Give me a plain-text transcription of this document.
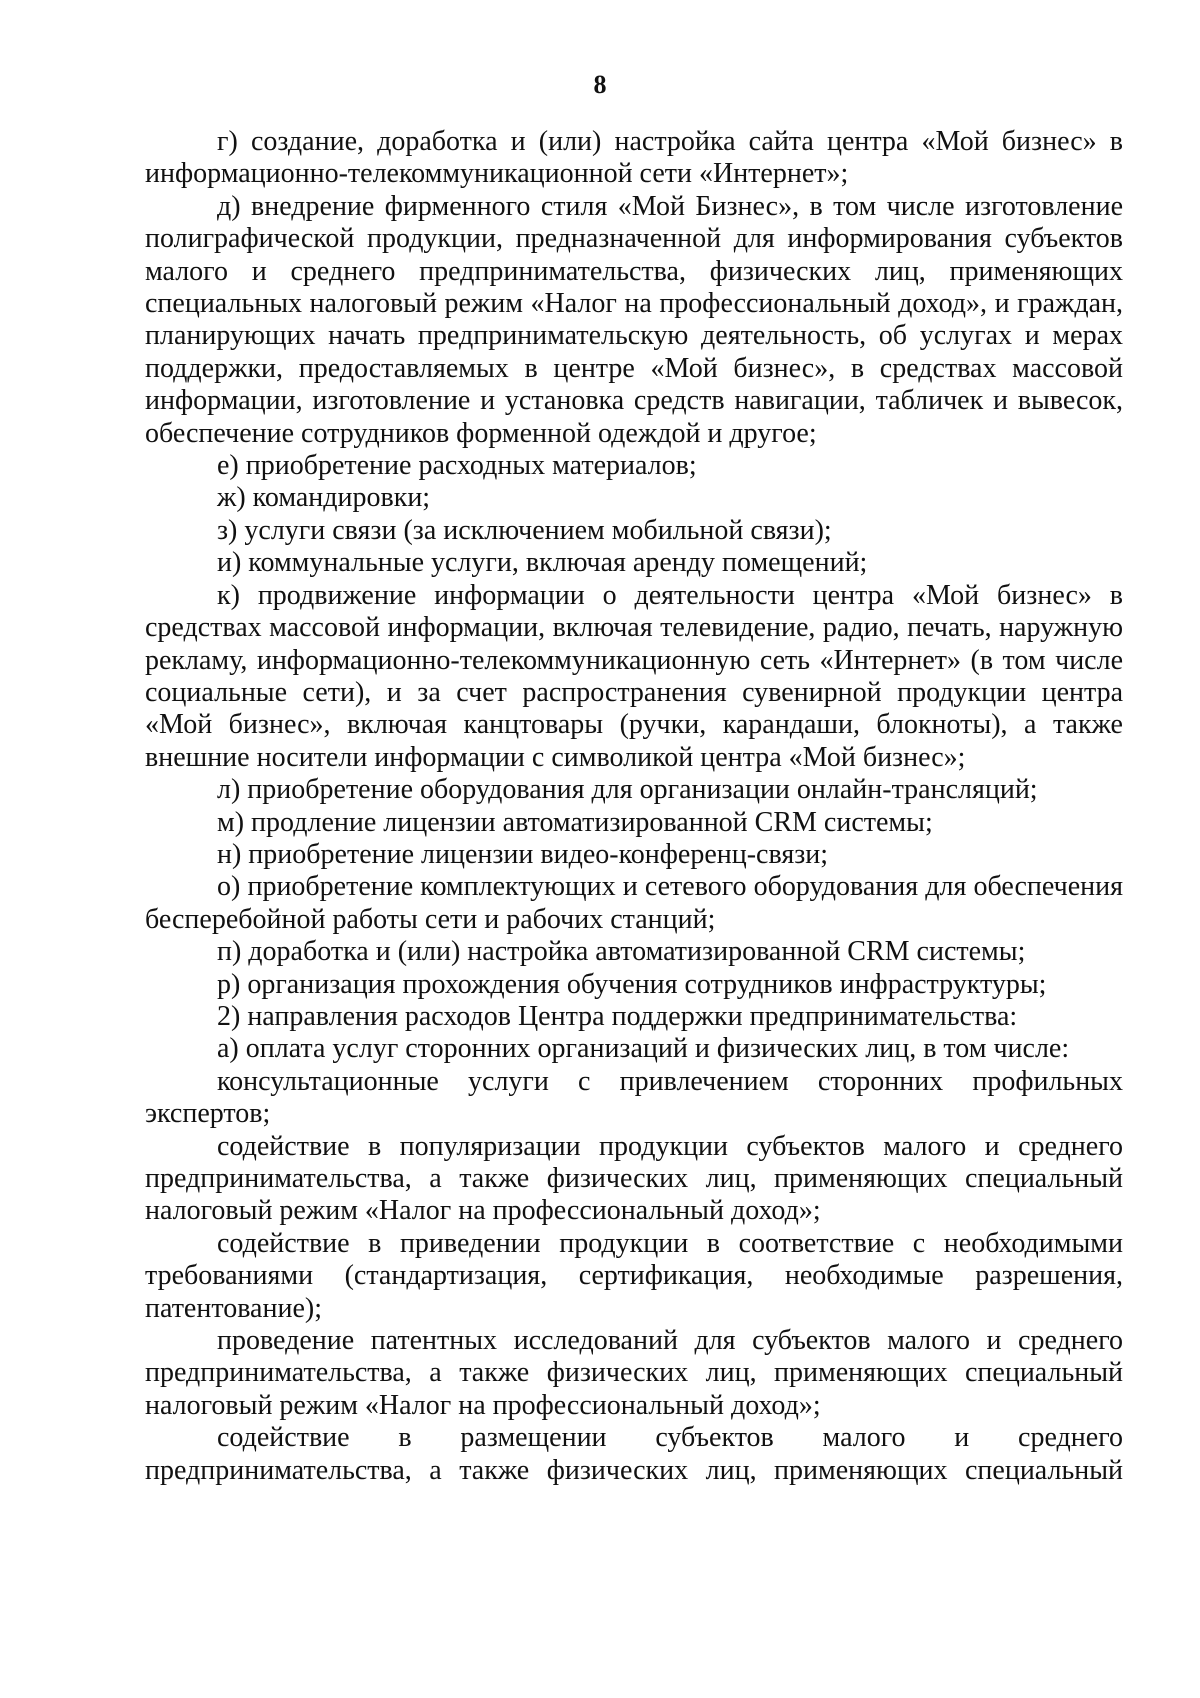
8

г) создание, доработка и (или) настройка сайта центра «Мой бизнес» в информационно-телекоммуникационной сети «Интернет»;

д) внедрение фирменного стиля «Мой Бизнес», в том числе изготовление полиграфической продукции, предназначенной для информирования субъектов малого и среднего предпринимательства, физических лиц, применяющих специальных налоговый режим «Налог на профессиональный доход», и граждан, планирующих начать предпринимательскую деятельность, об услугах и мерах поддержки, предоставляемых в центре «Мой бизнес», в средствах массовой информации, изготовление и установка средств навигации, табличек и вывесок, обеспечение сотрудников форменной одеждой и другое;

е) приобретение расходных материалов;

ж) командировки;

з) услуги связи (за исключением мобильной связи);

и) коммунальные услуги, включая аренду помещений;

к) продвижение информации о деятельности центра «Мой бизнес» в средствах массовой информации, включая телевидение, радио, печать, наружную рекламу, информационно-телекоммуникационную сеть «Интернет» (в том числе социальные сети), и за счет распространения сувенирной продукции центра «Мой бизнес», включая канцтовары (ручки, карандаши, блокноты), а также внешние носители информации с символикой центра «Мой бизнес»;

л) приобретение оборудования для организации онлайн-трансляций;

м) продление лицензии автоматизированной CRM системы;

н) приобретение лицензии видео-конференц-связи;

о) приобретение комплектующих и сетевого оборудования для обеспечения бесперебойной работы сети и рабочих станций;

п) доработка и (или) настройка автоматизированной CRM системы;

р) организация прохождения обучения сотрудников инфраструктуры;

2) направления расходов Центра поддержки предпринимательства:

а) оплата услуг сторонних организаций и физических лиц, в том числе:

консультационные услуги с привлечением сторонних профильных экспертов;

содействие в популяризации продукции субъектов малого и среднего предпринимательства, а также физических лиц, применяющих специальный налоговый режим «Налог на профессиональный доход»;

содействие в приведении продукции в соответствие с необходимыми требованиями (стандартизация, сертификация, необходимые разрешения, патентование);

проведение патентных исследований для субъектов малого и среднего предпринимательства, а также физических лиц, применяющих специальный налоговый режим «Налог на профессиональный доход»;

содействие в размещении субъектов малого и среднего предпринимательства, а также физических лиц, применяющих специальный
